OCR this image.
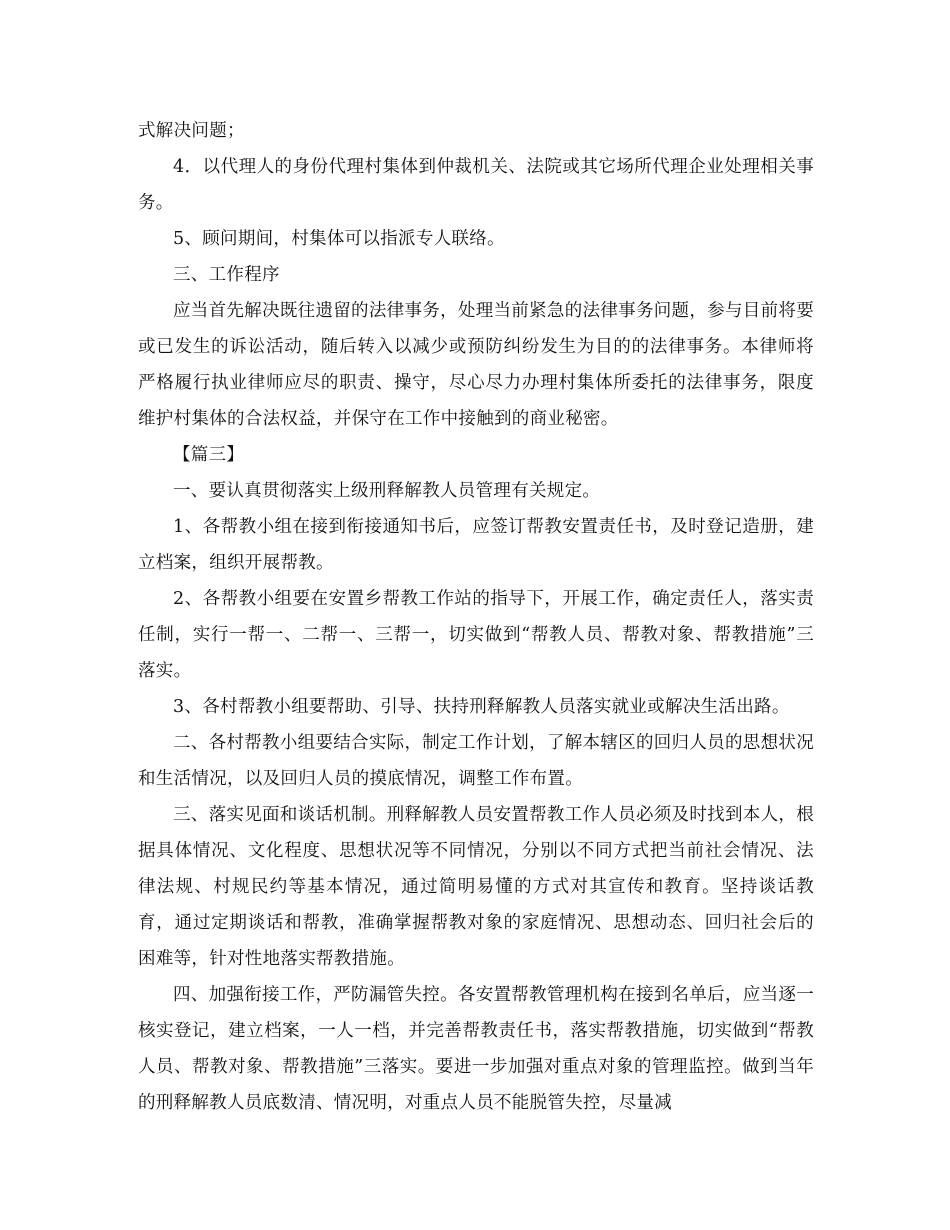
式解决问题；

4．以代理人的身份代理村集体到仲裁机关、法院或其它场所代理企业处理相关事务。

5、顾问期间，村集体可以指派专人联络。

三、工作程序

应当首先解决既往遗留的法律事务，处理当前紧急的法律事务问题，参与目前将要或已发生的诉讼活动，随后转入以减少或预防纠纷发生为目的的法律事务。本律师将严格履行执业律师应尽的职责、操守，尽心尽力办理村集体所委托的法律事务，限度维护村集体的合法权益，并保守在工作中接触到的商业秘密。

【篇三】

一、要认真贯彻落实上级刑释解教人员管理有关规定。

1、各帮教小组在接到衔接通知书后，应签订帮教安置责任书，及时登记造册，建立档案，组织开展帮教。

2、各帮教小组要在安置乡帮教工作站的指导下，开展工作，确定责任人，落实责任制，实行一帮一、二帮一、三帮一，切实做到“帮教人员、帮教对象、帮教措施”三落实。

3、各村帮教小组要帮助、引导、扶持刑释解教人员落实就业或解决生活出路。

二、各村帮教小组要结合实际，制定工作计划，了解本辖区的回归人员的思想状况和生活情况，以及回归人员的摸底情况，调整工作布置。

三、落实见面和谈话机制。刑释解教人员安置帮教工作人员必须及时找到本人，根据具体情况、文化程度、思想状况等不同情况，分别以不同方式把当前社会情况、法律法规、村规民约等基本情况，通过简明易懂的方式对其宣传和教育。坚持谈话教育，通过定期谈话和帮教，准确掌握帮教对象的家庭情况、思想动态、回归社会后的困难等，针对性地落实帮教措施。

四、加强衔接工作，严防漏管失控。各安置帮教管理机构在接到名单后，应当逐一核实登记，建立档案，一人一档，并完善帮教责任书，落实帮教措施，切实做到“帮教人员、帮教对象、帮教措施”三落实。要进一步加强对重点对象的管理监控。做到当年的刑释解教人员底数清、情况明，对重点人员不能脱管失控，尽量减
